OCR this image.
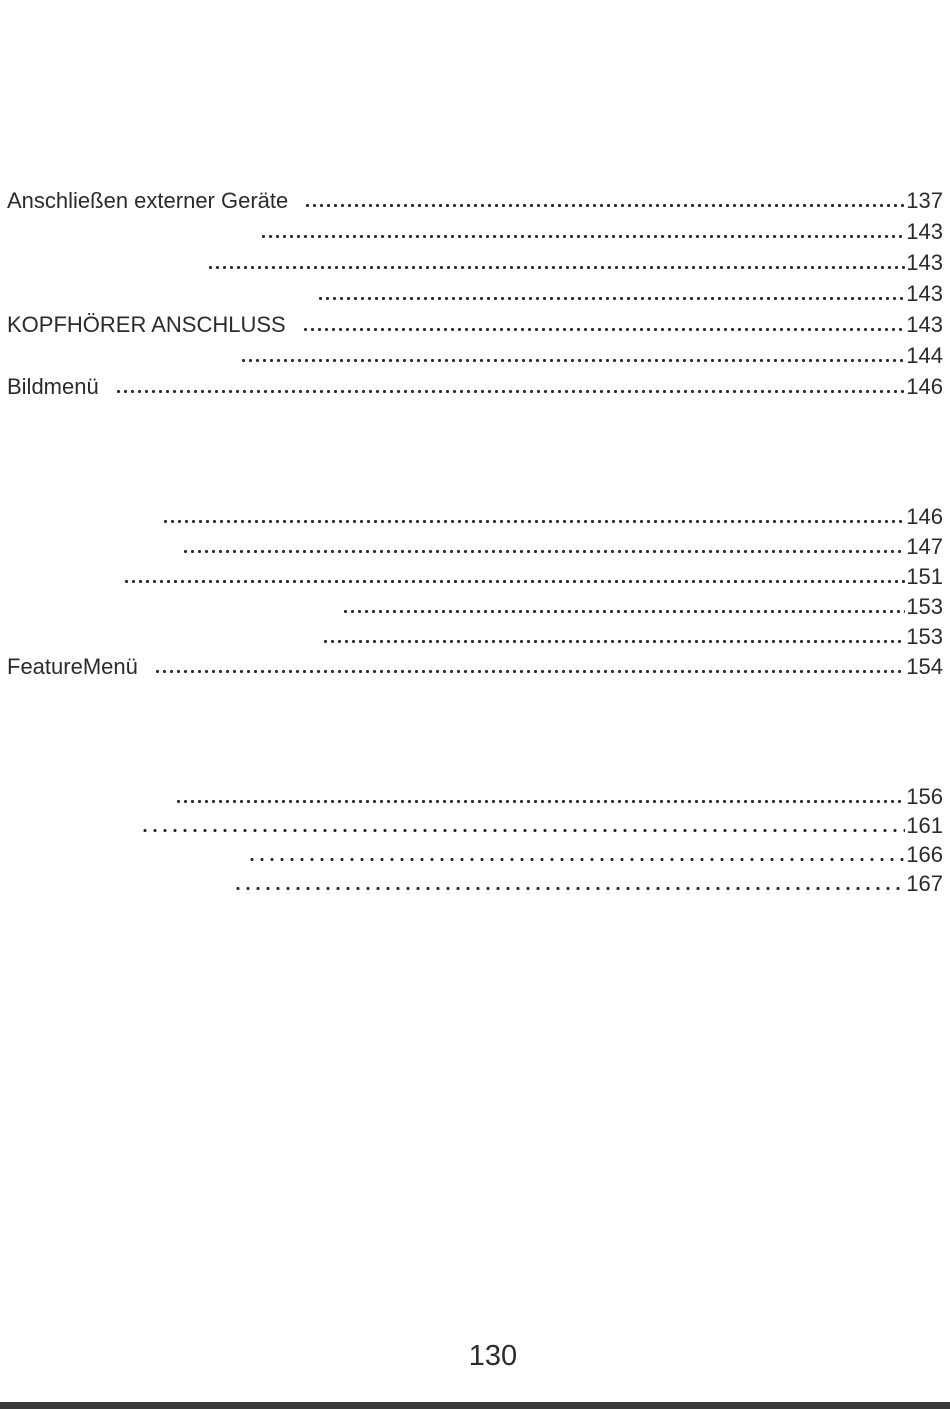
Anschließen externer Geräte	137
143
143
143
KOPFHÖRER ANSCHLUSS	143
144
Bildmenü	146
146
147
151
153
153
FeatureMenü	154
156
161
166
167
130
